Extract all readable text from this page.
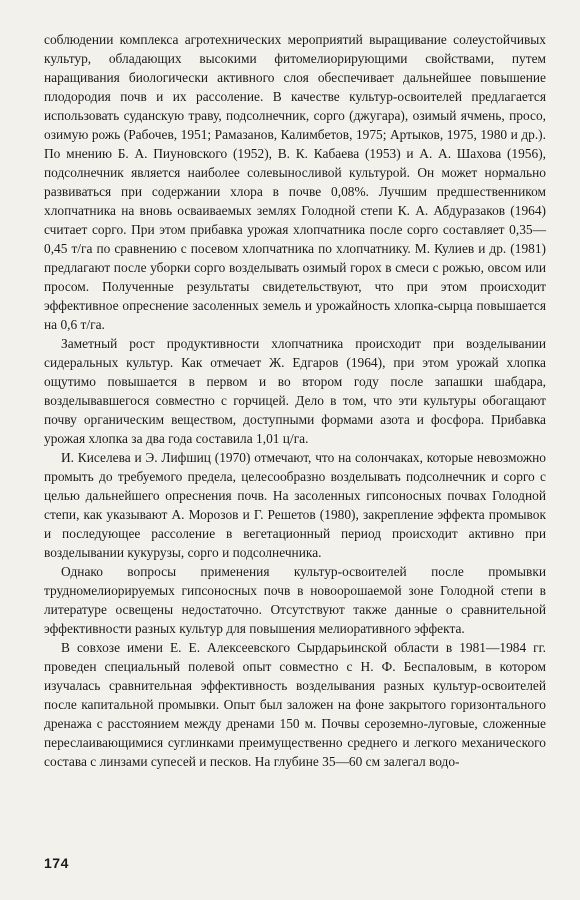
соблюдении комплекса агротехнических мероприятий выращивание солеустойчивых культур, обладающих высокими фитомелиорирующими свойствами, путем наращивания биологически активного слоя обеспечивает дальнейшее повышение плодородия почв и их рассоление. В качестве культур-освоителей предлагается использовать суданскую траву, подсолнечник, сорго (джугара), озимый ячмень, просо, озимую рожь (Рабочев, 1951; Рамазанов, Калимбетов, 1975; Артыков, 1975, 1980 и др.). По мнению Б. А. Пиуновского (1952), В. К. Кабаева (1953) и А. А. Шахова (1956), подсолнечник является наиболее солевыносливой культурой. Он может нормально развиваться при содержании хлора в почве 0,08%. Лучшим предшественником хлопчатника на вновь осваиваемых землях Голодной степи К. А. Абдуразаков (1964) считает сорго. При этом прибавка урожая хлопчатника после сорго составляет 0,35—0,45 т/га по сравнению с посевом хлопчатника по хлопчатнику. М. Кулиев и др. (1981) предлагают после уборки сорго возделывать озимый горох в смеси с рожью, овсом или просом. Полученные результаты свидетельствуют, что при этом происходит эффективное опреснение засоленных земель и урожайность хлопка-сырца повышается на 0,6 т/га.

Заметный рост продуктивности хлопчатника происходит при возделывании сидеральных культур. Как отмечает Ж. Едгаров (1964), при этом урожай хлопка ощутимо повышается в первом и во втором году после запашки шабдара, возделывавшегося совместно с горчицей. Дело в том, что эти культуры обогащают почву органическим веществом, доступными формами азота и фосфора. Прибавка урожая хлопка за два года составила 1,01 ц/га.

И. Киселева и Э. Лифшиц (1970) отмечают, что на солончаках, которые невозможно промыть до требуемого предела, целесообразно возделывать подсолнечник и сорго с целью дальнейшего опреснения почв. На засоленных гипсоносных почвах Голодной степи, как указывают А. Морозов и Г. Решетов (1980), закрепление эффекта промывок и последующее рассоление в вегетационный период происходит активно при возделывании кукурузы, сорго и подсолнечника.

Однако вопросы применения культур-освоителей после промывки трудномелиорируемых гипсоносных почв в новоорошаемой зоне Голодной степи в литературе освещены недостаточно. Отсутствуют также данные о сравнительной эффективности разных культур для повышения мелиоративного эффекта.

В совхозе имени Е. Е. Алексеевского Сырдарьинской области в 1981—1984 гг. проведен специальный полевой опыт совместно с Н. Ф. Беспаловым, в котором изучалась сравнительная эффективность возделывания разных культур-освоителей после капитальной промывки. Опыт был заложен на фоне закрытого горизонтального дренажа с расстоянием между дренами 150 м. Почвы сероземно-луговые, сложенные переслаивающимися суглинками преимущественно среднего и легкого механического состава с линзами супесей и песков. На глубине 35—60 см залегал водо-

174
